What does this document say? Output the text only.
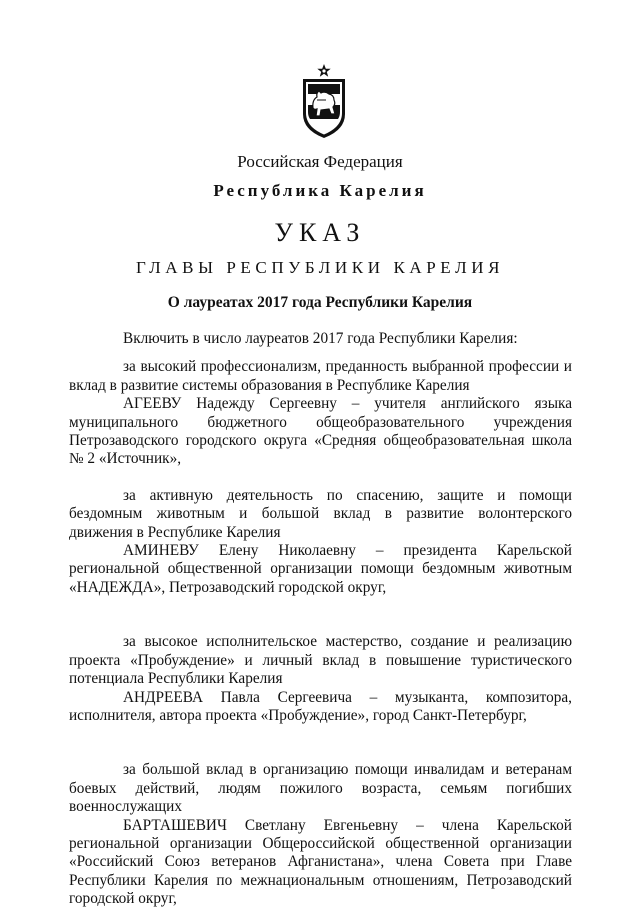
Российская Федерация
Республика Карелия
УКАЗ
ГЛАВЫ РЕСПУБЛИКИ КАРЕЛИЯ
О лауреатах 2017 года Республики Карелия
Включить в число лауреатов 2017 года Республики Карелия:
за высокий профессионализм, преданность выбранной профессии и
вклад в развитие системы образования в Республике Карелия
АГЕЕВУ Надежду Сергеевну – учителя английского языка
муниципального бюджетного общеобразовательного учреждения
Петрозаводского городского округа «Средняя общеобразовательная школа
№ 2 «Источник»,
за активную деятельность по спасению, защите и помощи
бездомным животным и большой вклад в развитие волонтерского
движения в Республике Карелия
АМИНЕВУ Елену Николаевну – президента Карельской
региональной общественной организации помощи бездомным животным
«НАДЕЖДА», Петрозаводский городской округ,
за высокое исполнительское мастерство, создание и реализацию
проекта «Пробуждение» и личный вклад в повышение туристического
потенциала Республики Карелия
АНДРЕЕВА Павла Сергеевича – музыканта, композитора,
исполнителя, автора проекта «Пробуждение», город Санкт-Петербург,
за большой вклад в организацию помощи инвалидам и ветеранам
боевых действий, людям пожилого возраста, семьям погибших
военнослужащих
БАРТАШЕВИЧ Светлану Евгеньевну – члена Карельской
региональной организации Общероссийской общественной организации
«Российский Союз ветеранов Афганистана», члена Совета при Главе
Республики Карелия по межнациональным отношениям, Петрозаводский
городской округ,
